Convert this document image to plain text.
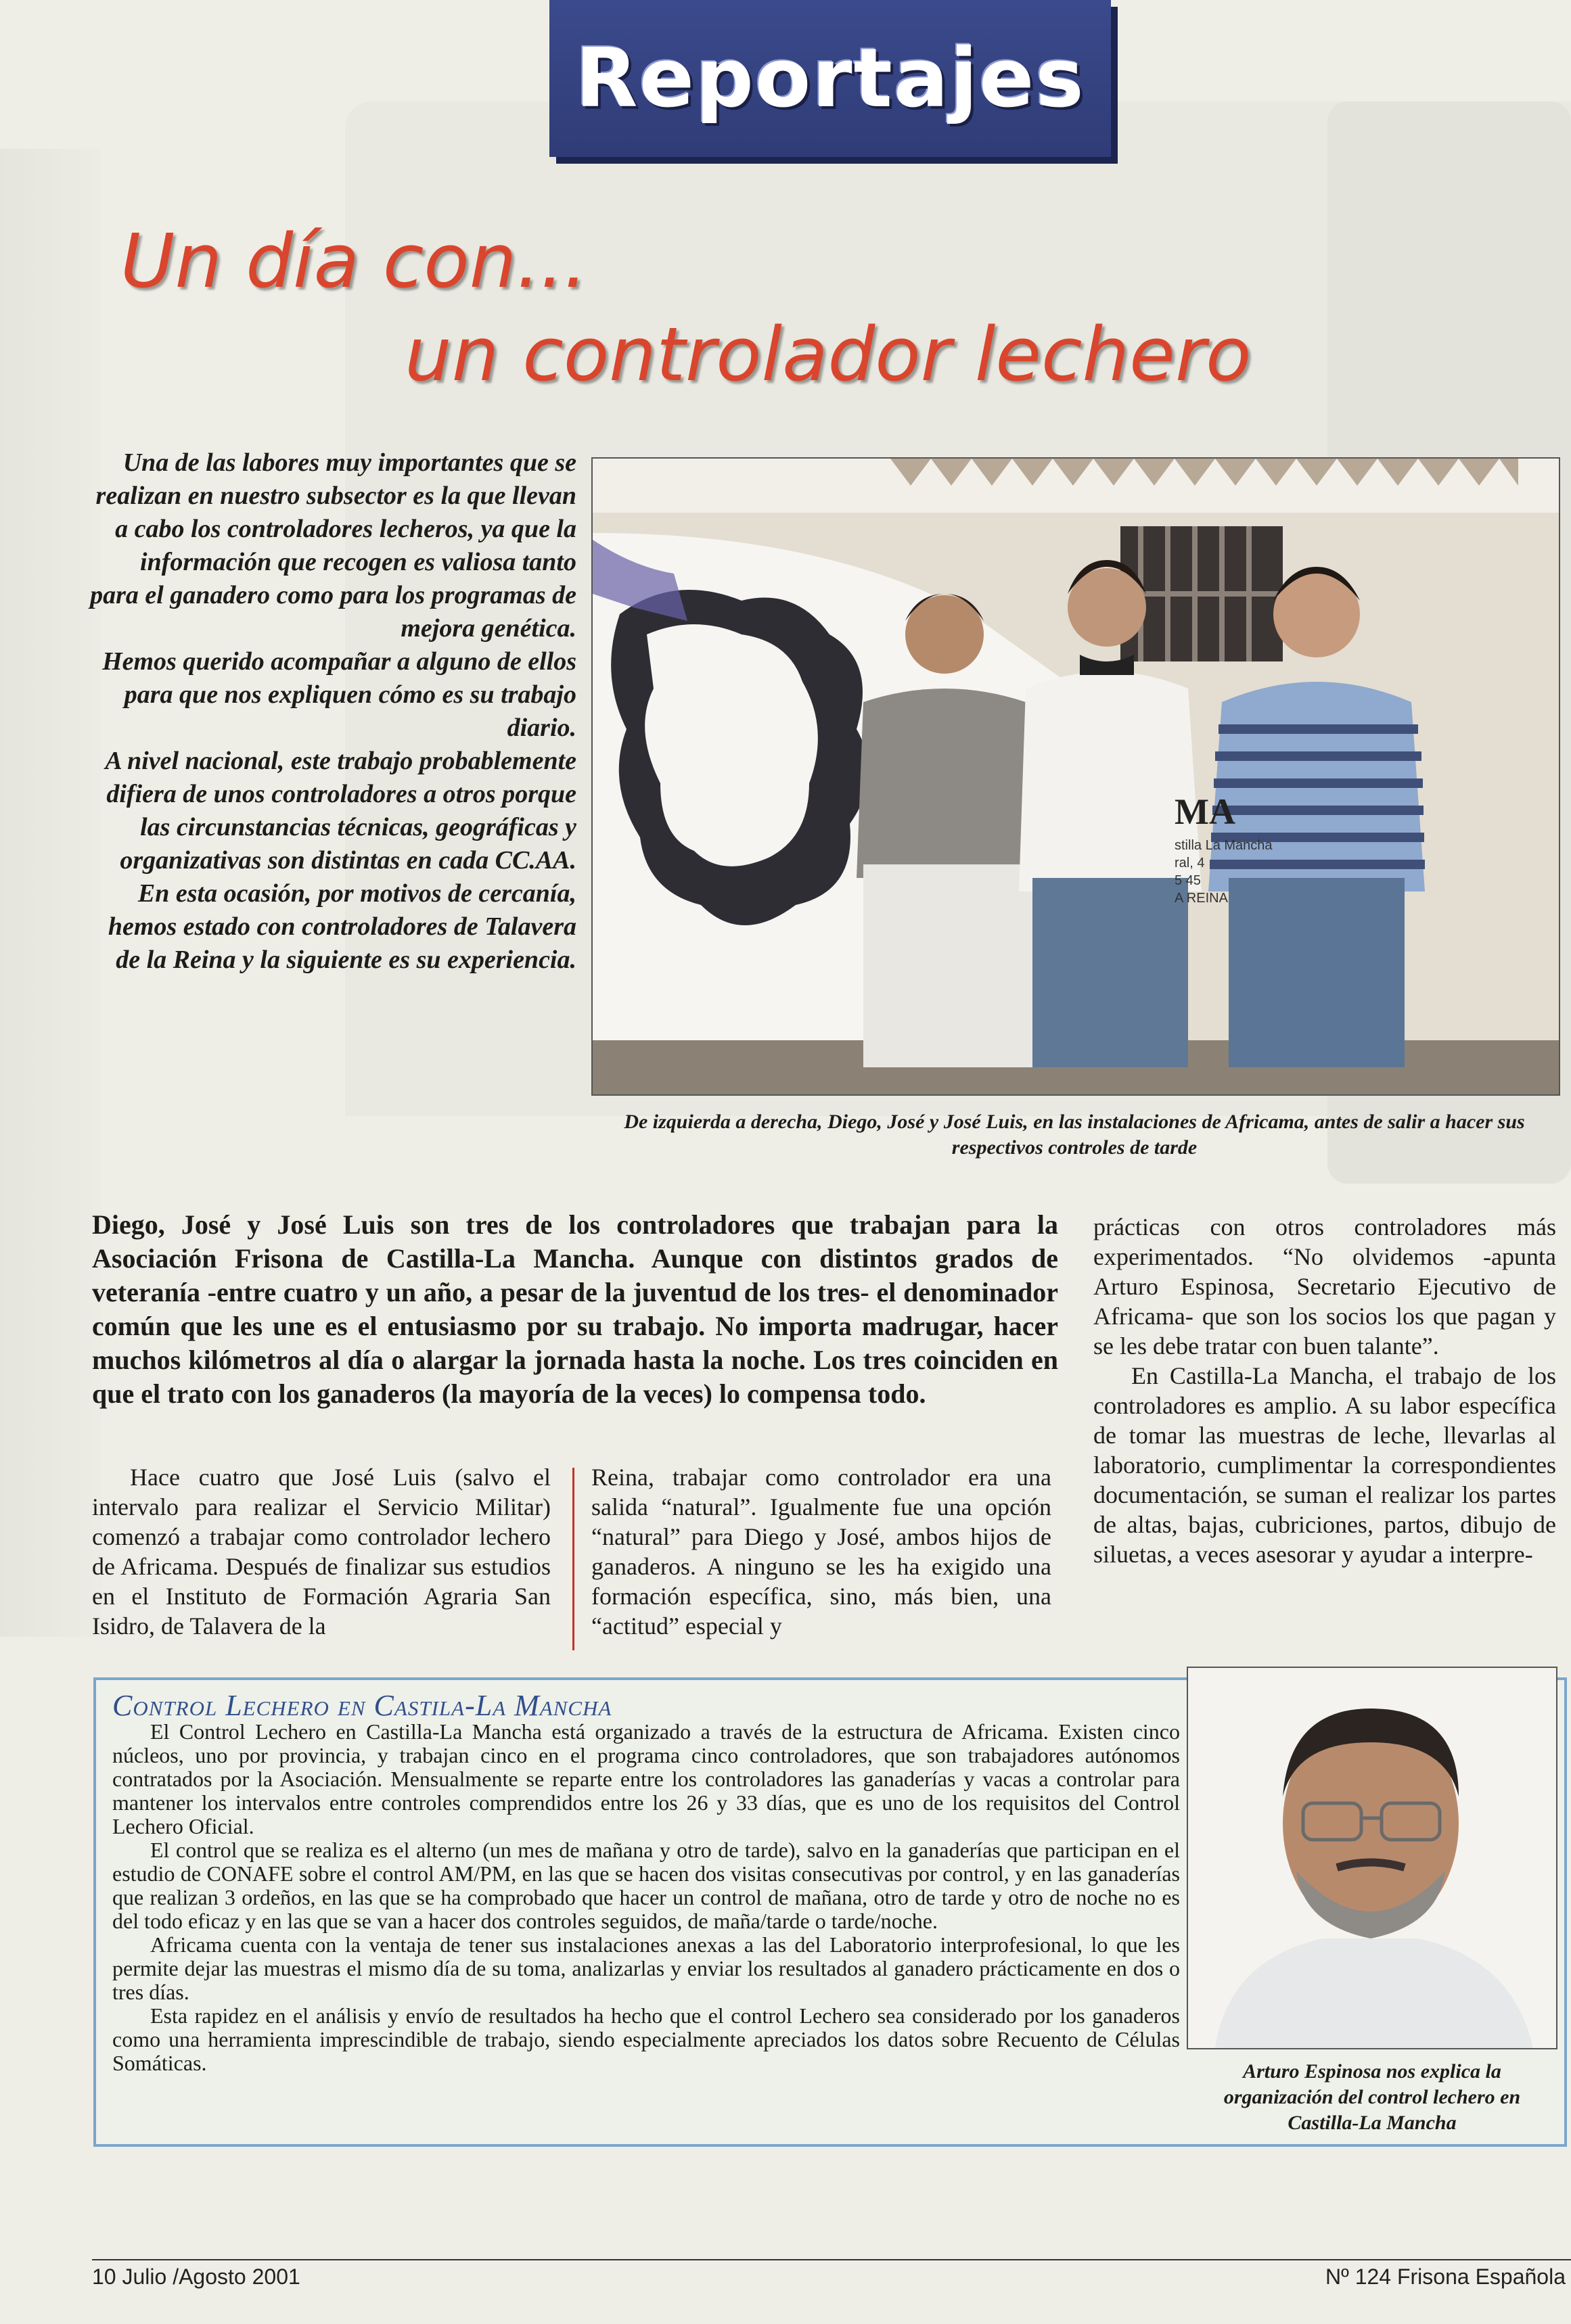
Reportajes
Un día con...
un controlador lechero

Una de las labores muy importantes que se realizan en nuestro subsector es la que llevan a cabo los controladores lecheros, ya que la información que recogen es valiosa tanto para el ganadero como para los programas de mejora genética.

Hemos querido acompañar a alguno de ellos para que nos expliquen cómo es su trabajo diario.

A nivel nacional, este trabajo probablemente difiera de unos controladores a otros porque las circunstancias técnicas, geográficas y organizativas son distintas en cada CC.AA.

En esta ocasión, por motivos de cercanía, hemos estado con controladores de Talavera de la Reina y la siguiente es su experiencia.

MA
stilla La Mancha
ral, 4
5 45
A REINA
De izquierda a derecha, Diego, José y José Luis, en las instalaciones de Africama, antes de salir a hacer sus respectivos controles de tarde
Diego, José y José Luis son tres de los controladores que trabajan para la Asociación Frisona de Castilla-La Mancha. Aunque con distintos grados de veteranía -entre cuatro y un año, a pesar de la juventud de los tres- el denominador común que les une es el entusiasmo por su trabajo. No importa madrugar, hacer muchos kilómetros al día o alargar la jornada hasta la noche. Los tres coinciden en que el trato con los ganaderos (la mayoría de la veces) lo compensa todo.

Hace cuatro que José Luis (salvo el intervalo para realizar el Servicio Militar) comenzó a trabajar como controlador lechero de Africama. Después de finalizar sus estudios en el Instituto de Formación Agraria San Isidro, de Talavera de la

Reina, trabajar como controlador era una salida “natural”. Igualmente fue una opción “natural” para Diego y José, ambos hijos de ganaderos. A ninguno se les ha exigido una formación específica, sino, más bien, una “actitud” especial y

prácticas con otros controladores más experimentados. “No olvidemos -apunta Arturo Espinosa, Secretario Ejecutivo de Africama- que son los socios los que pagan y se les debe tratar con buen talante”.

En Castilla-La Mancha, el trabajo de los controladores es amplio. A su labor específica de tomar las muestras de leche, llevarlas al laboratorio, cumplimentar la correspondientes documentación, se suman el realizar los partes de altas, bajas, cubriciones, partos, dibujo de siluetas, a veces asesorar y ayudar a interpre-

Control Lechero en Castila-La Mancha

El Control Lechero en Castilla-La Mancha está organizado a través de la estructura de Africama. Existen cinco núcleos, uno por provincia, y trabajan cinco en el programa cinco controladores, que son trabajadores autónomos contratados por la Asociación. Mensualmente se reparte entre los controladores las ganaderías y vacas a controlar para mantener los intervalos entre controles comprendidos entre los 26 y 33 días, que es uno de los requisitos del Control Lechero Oficial.

El control que se realiza es el alterno (un mes de mañana y otro de tarde), salvo en la ganaderías que participan en el estudio de CONAFE sobre el control AM/PM, en las que se hacen dos visitas consecutivas por control, y en las ganaderías que realizan 3 ordeños, en las que se ha comprobado que hacer un control de mañana, otro de tarde y otro de noche no es del todo eficaz y en las que se van a hacer dos controles seguidos, de maña/tarde o tarde/noche.

Africama cuenta con la ventaja de tener sus instalaciones anexas a las del Laboratorio interprofesional, lo que les permite dejar las muestras el mismo día de su toma, analizarlas y enviar los resultados al ganadero prácticamente en dos o tres días.

Esta rapidez en el análisis y envío de resultados ha hecho que el control Lechero sea considerado por los ganaderos como una herramienta imprescindible de trabajo, siendo especialmente apreciados los datos sobre Recuento de Células Somáticas.	Arturo Espinosa nos explica la organización del control lechero en Castilla-La Mancha
10 Julio /Agosto 2001	Nº 124 Frisona Española
